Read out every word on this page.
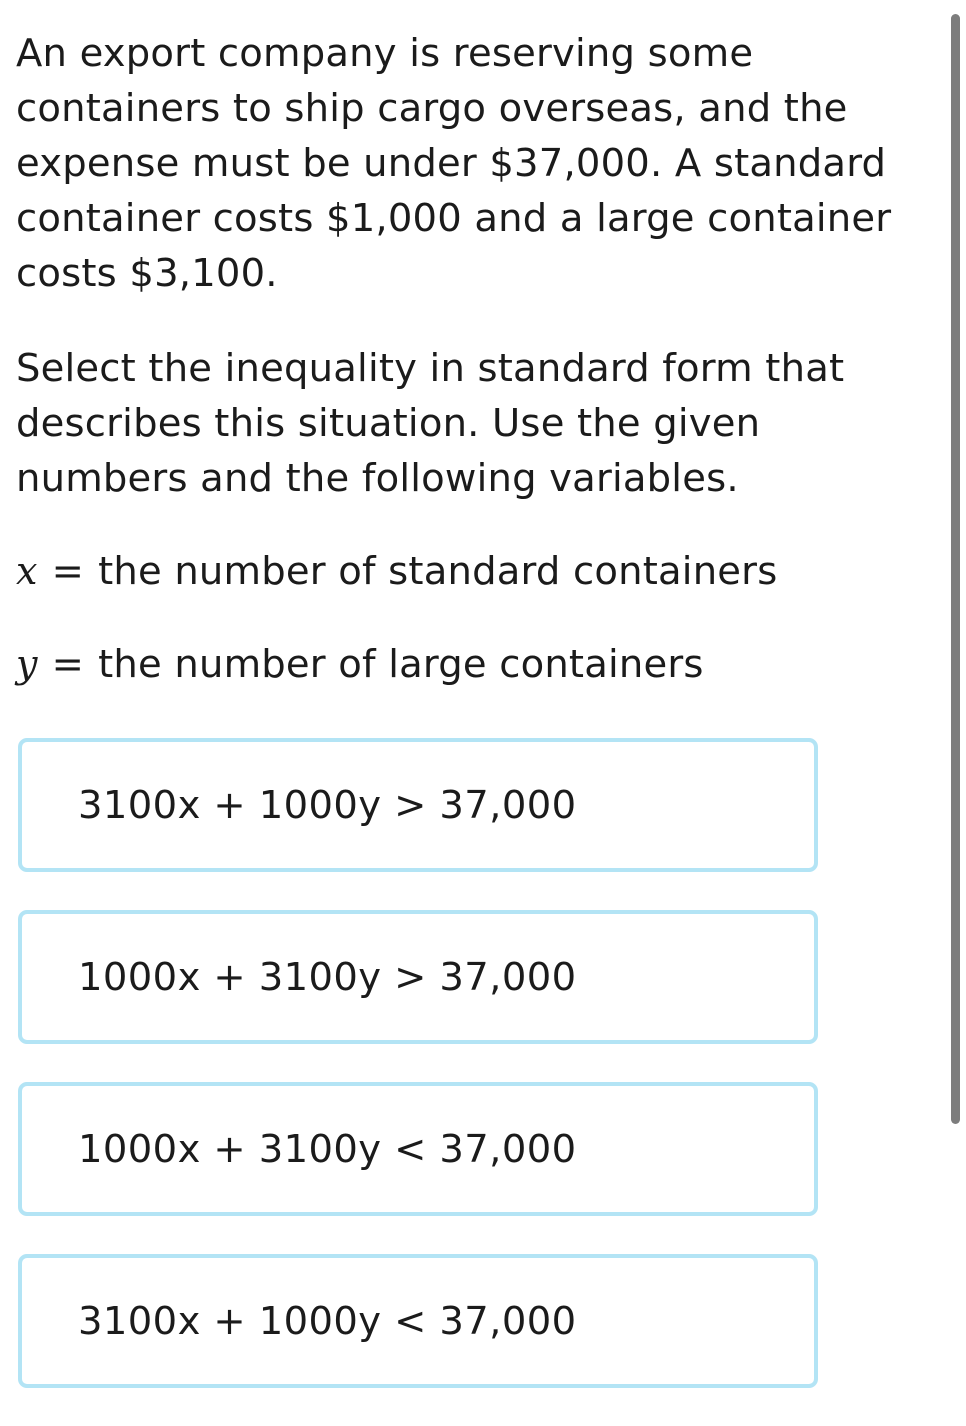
An export company is reserving some containers to ship cargo overseas, and the expense must be under $37,000. A standard container costs $1,000 and a large container costs $3,100.

Select the inequality in standard form that describes this situation. Use the given numbers and the following variables.

x = the number of standard containers

y = the number of large containers

3100x + 1000y > 37,000
1000x + 3100y > 37,000
1000x + 3100y < 37,000
3100x + 1000y < 37,000
